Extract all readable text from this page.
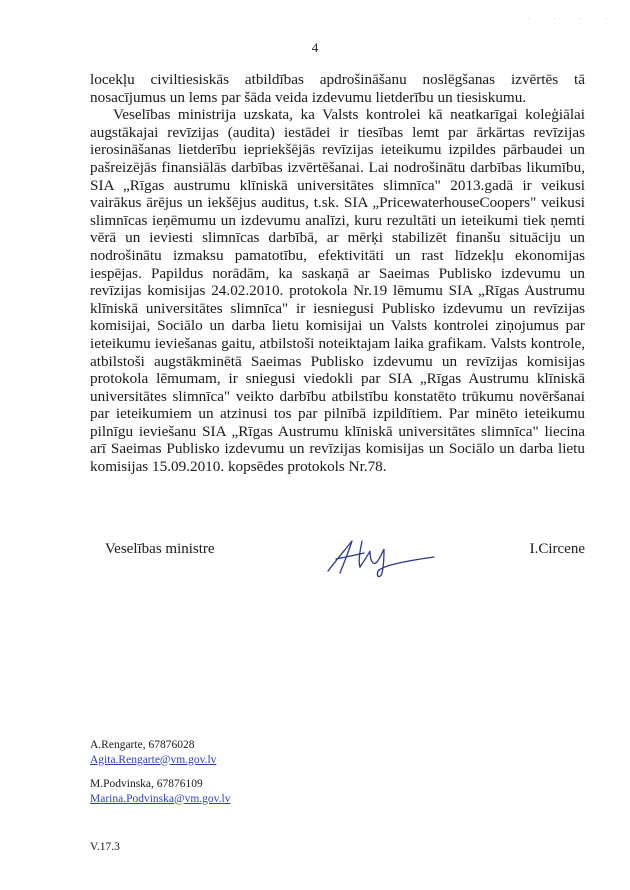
· · · ·
4

locekļu civiltiesiskās atbildības apdrošināšanu noslēgšanas izvērtēs tā nosacījumus un lems par šāda veida izdevumu lietderību un tiesiskumu.

Veselības ministrija uzskata, ka Valsts kontrolei kā neatkarīgai koleģiālai augstākajai revīzijas (audita) iestādei ir tiesības lemt par ārkārtas revīzijas ierosināšanas lietderību iepriekšējās revīzijas ieteikumu izpildes pārbaudei un pašreizējās finansiālās darbības izvērtēšanai. Lai nodrošinātu darbības likumību, SIA „Rīgas austrumu klīniskā universitātes slimnīca" 2013.gadā ir veikusi vairākus ārējus un iekšējus auditus, t.sk. SIA „PricewaterhouseCoopers" veikusi slimnīcas ieņēmumu un izdevumu analīzi, kuru rezultāti un ieteikumi tiek ņemti vērā un ieviesti slimnīcas darbībā, ar mērķi stabilizēt finanšu situāciju un nodrošinātu izmaksu pamatotību, efektivitāti un rast līdzekļu ekonomijas iespējas. Papildus norādām, ka saskaņā ar Saeimas Publisko izdevumu un revīzijas komisijas 24.02.2010. protokola Nr.19 lēmumu SIA „Rīgas Austrumu klīniskā universitātes slimnīca" ir iesniegusi Publisko izdevumu un revīzijas komisijai, Sociālo un darba lietu komisijai un Valsts kontrolei ziņojumus par ieteikumu ieviešanas gaitu, atbilstoši noteiktajam laika grafikam. Valsts kontrole, atbilstoši augstākminētā Saeimas Publisko izdevumu un revīzijas komisijas protokola lēmumam, ir sniegusi viedokli par SIA „Rīgas Austrumu klīniskā universitātes slimnīca" veikto darbību atbilstību konstatēto trūkumu novēršanai par ieteikumiem un atzinusi tos par pilnībā izpildītiem. Par minēto ieteikumu pilnīgu ieviešanu SIA „Rīgas Austrumu klīniskā universitātes slimnīca" liecina arī Saeimas Publisko izdevumu un revīzijas komisijas un Sociālo un darba lietu komisijas 15.09.2010. kopsēdes protokols Nr.78.

Veselības ministre	I.Circene
A.Rengarte, 67876028
Agita.Rengarte@vm.gov.lv
M.Podvinska, 67876109
Marina.Podvinska@vm.gov.lv
V.17.3
